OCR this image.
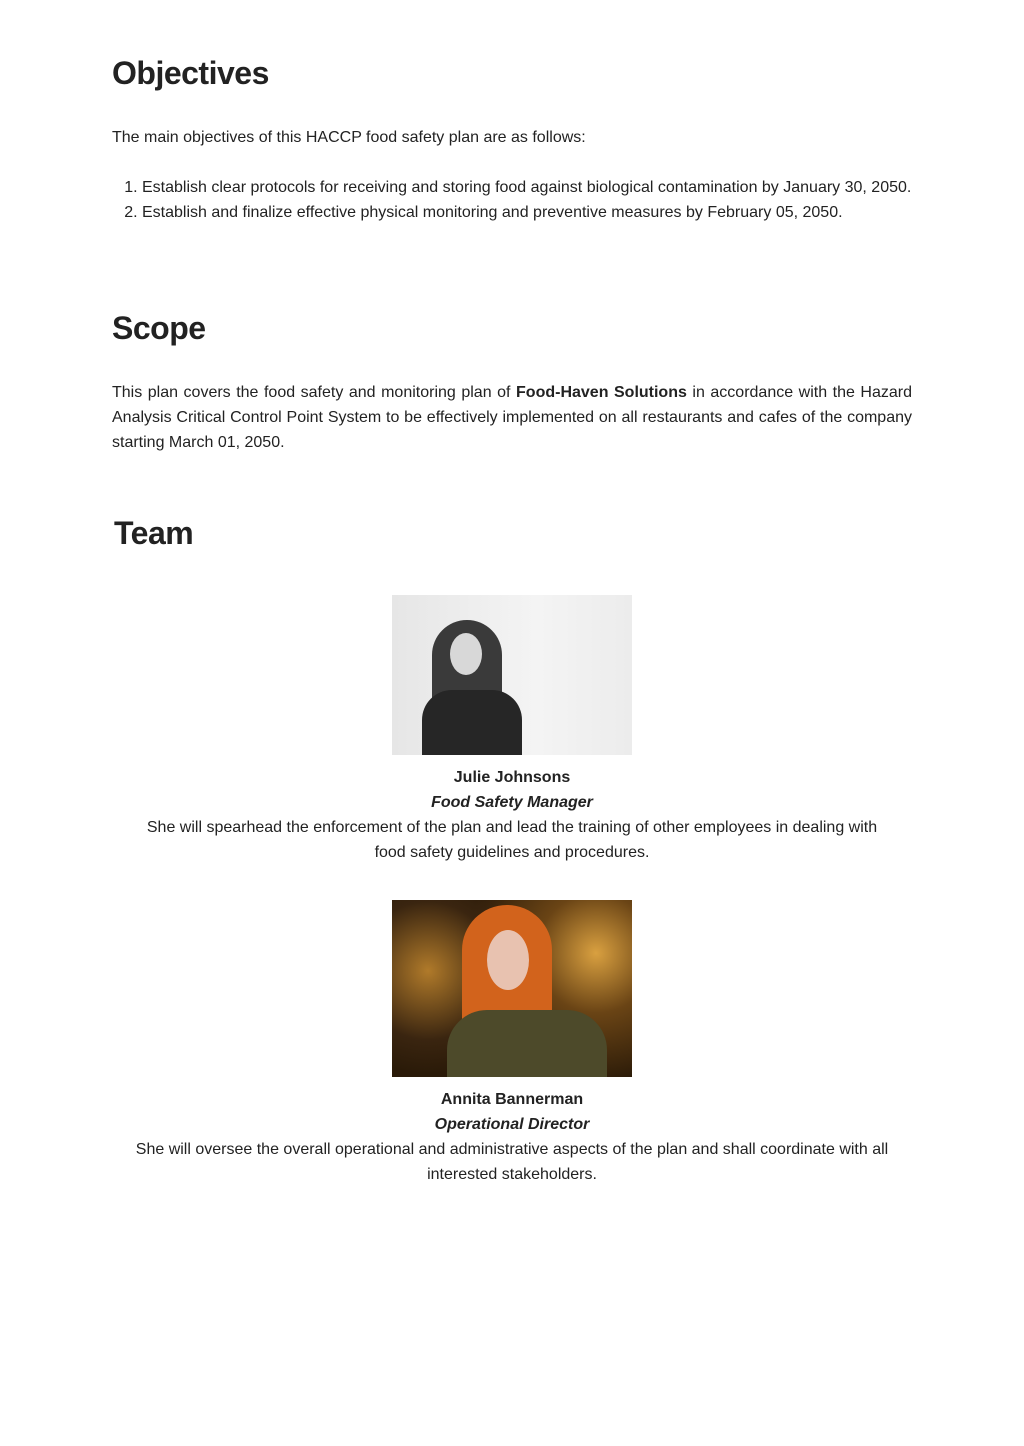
Objectives

The main objectives of this HACCP food safety plan are as follows:

1. Establish clear protocols for receiving and storing food against biological contamination by January 30, 2050.
2. Establish and finalize effective physical monitoring and preventive measures by February 05, 2050.
Scope

This plan covers the food safety and monitoring plan of Food-Haven Solutions in accordance with the Hazard Analysis Critical Control Point System to be effectively implemented on all restaurants and cafes of the company starting March 01, 2050.

Team
Julie Johnsons
Food Safety Manager
She will spearhead the enforcement of the plan and lead the training of other employees in dealing with food safety guidelines and procedures.
Annita Bannerman
Operational Director
She will oversee the overall operational and administrative aspects of the plan and shall coordinate with all interested stakeholders.
